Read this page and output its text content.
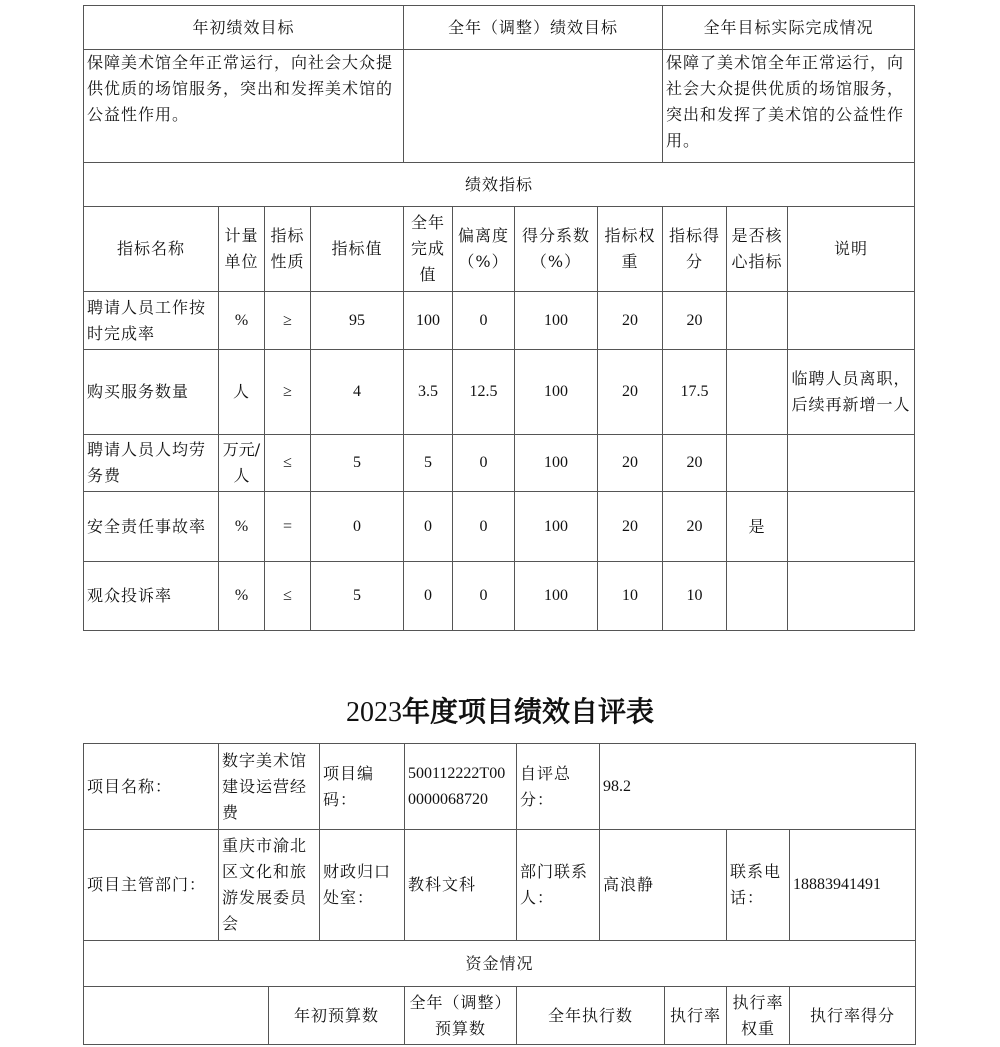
年初绩效目标				全年（调整）绩效目标				全年目标实际完成情况		
保障美术馆全年正常运行，向社会大众提供优质的场馆服务，突出和发挥美术馆的公益性作用。								保障了美术馆全年正常运行，向社会大众提供优质的场馆服务，突出和发挥了美术馆的公益性作用。		
绩效指标										
指标名称	计量单位	指标性质	指标值	全年完成值	偏离度（%）	得分系数（%）	指标权重	指标得分	是否核心指标	说明
聘请人员工作按时完成率	%	≥	95	100	0	100	20	20		
购买服务数量	人	≥	4	3.5	12.5	100	20	17.5		临聘人员离职，后续再新增一人
聘请人员人均劳务费	万元/人	≤	5	5	0	100	20	20		
安全责任事故率	%	=	0	0	0	100	20	20	是	
观众投诉率	%	≤	5	0	0	100	10	10		
2023年度项目绩效自评表
项目名称：	数字美术馆建设运营经费		项目编码：	500112222T000000068720	自评总分：	98.2			
项目主管部门：	重庆市渝北区文化和旅游发展委员会		财政归口处室：	教科文科	部门联系人：	高浪静		联系电话：	18883941491
资金情况									
		年初预算数		全年（调整）预算数	全年执行数		执行率	执行率权重	执行率得分
